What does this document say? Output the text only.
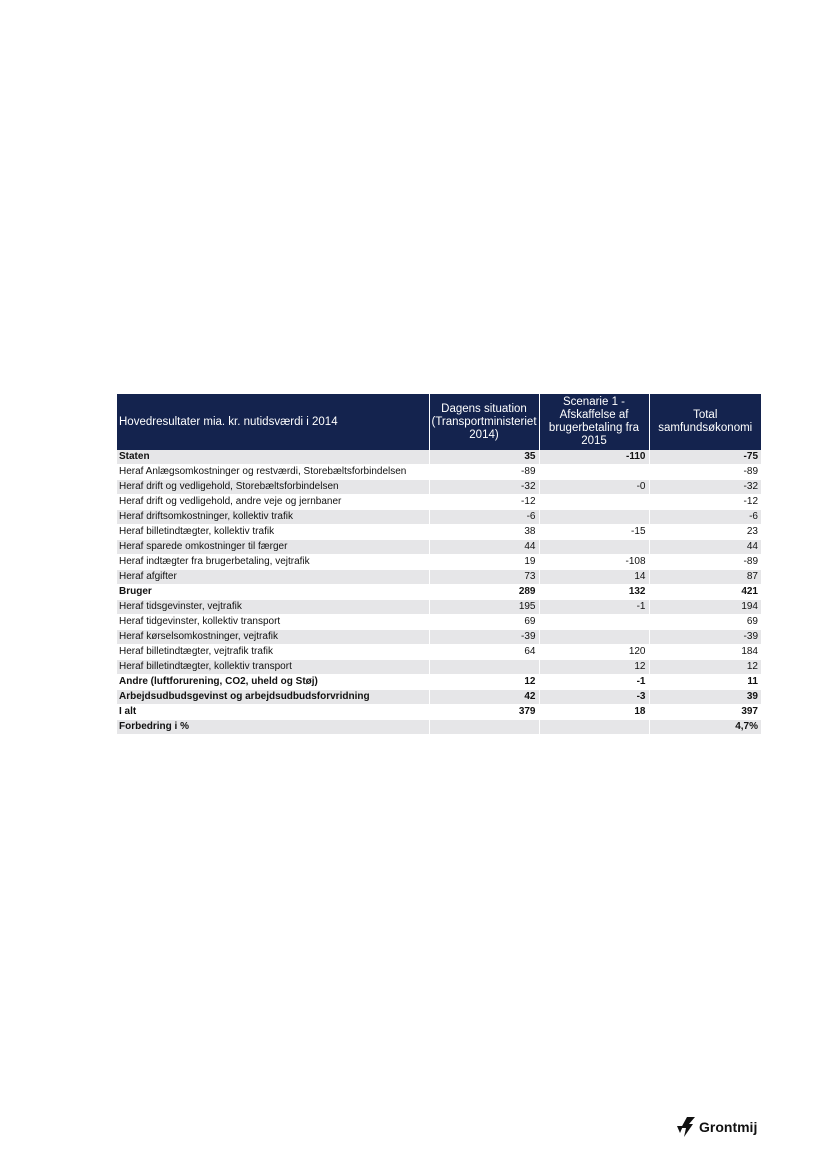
Hovedresultater mia. kr. nutidsværdi i 2014	Dagens situation (Transportministeriet 2014)	Scenarie 1 - Afskaffelse af brugerbetaling fra 2015	Total samfundsøkonomi
Staten	35	-110	-75
Heraf Anlægsomkostninger og restværdi, Storebæltsforbindelsen	-89		-89
Heraf drift og vedligehold, Storebæltsforbindelsen	-32	-0	-32
Heraf drift og vedligehold, andre veje og jernbaner	-12		-12
Heraf driftsomkostninger, kollektiv trafik	-6		-6
Heraf billetindtægter, kollektiv trafik	38	-15	23
Heraf sparede omkostninger til færger	44		44
Heraf indtægter fra brugerbetaling, vejtrafik	19	-108	-89
Heraf afgifter	73	14	87
Bruger	289	132	421
Heraf tidsgevinster, vejtrafik	195	-1	194
Heraf tidgevinster, kollektiv transport	69		69
Heraf kørselsomkostninger, vejtrafik	-39		-39
Heraf billetindtægter, vejtrafik trafik	64	120	184
Heraf billetindtægter, kollektiv transport		12	12
Andre (luftforurening, CO2, uheld og Støj)	12	-1	11
Arbejdsudbudsgevinst og arbejdsudbudsforvridning	42	-3	39
I alt	379	18	397
Forbedring i %			4,7%
Grontmij
